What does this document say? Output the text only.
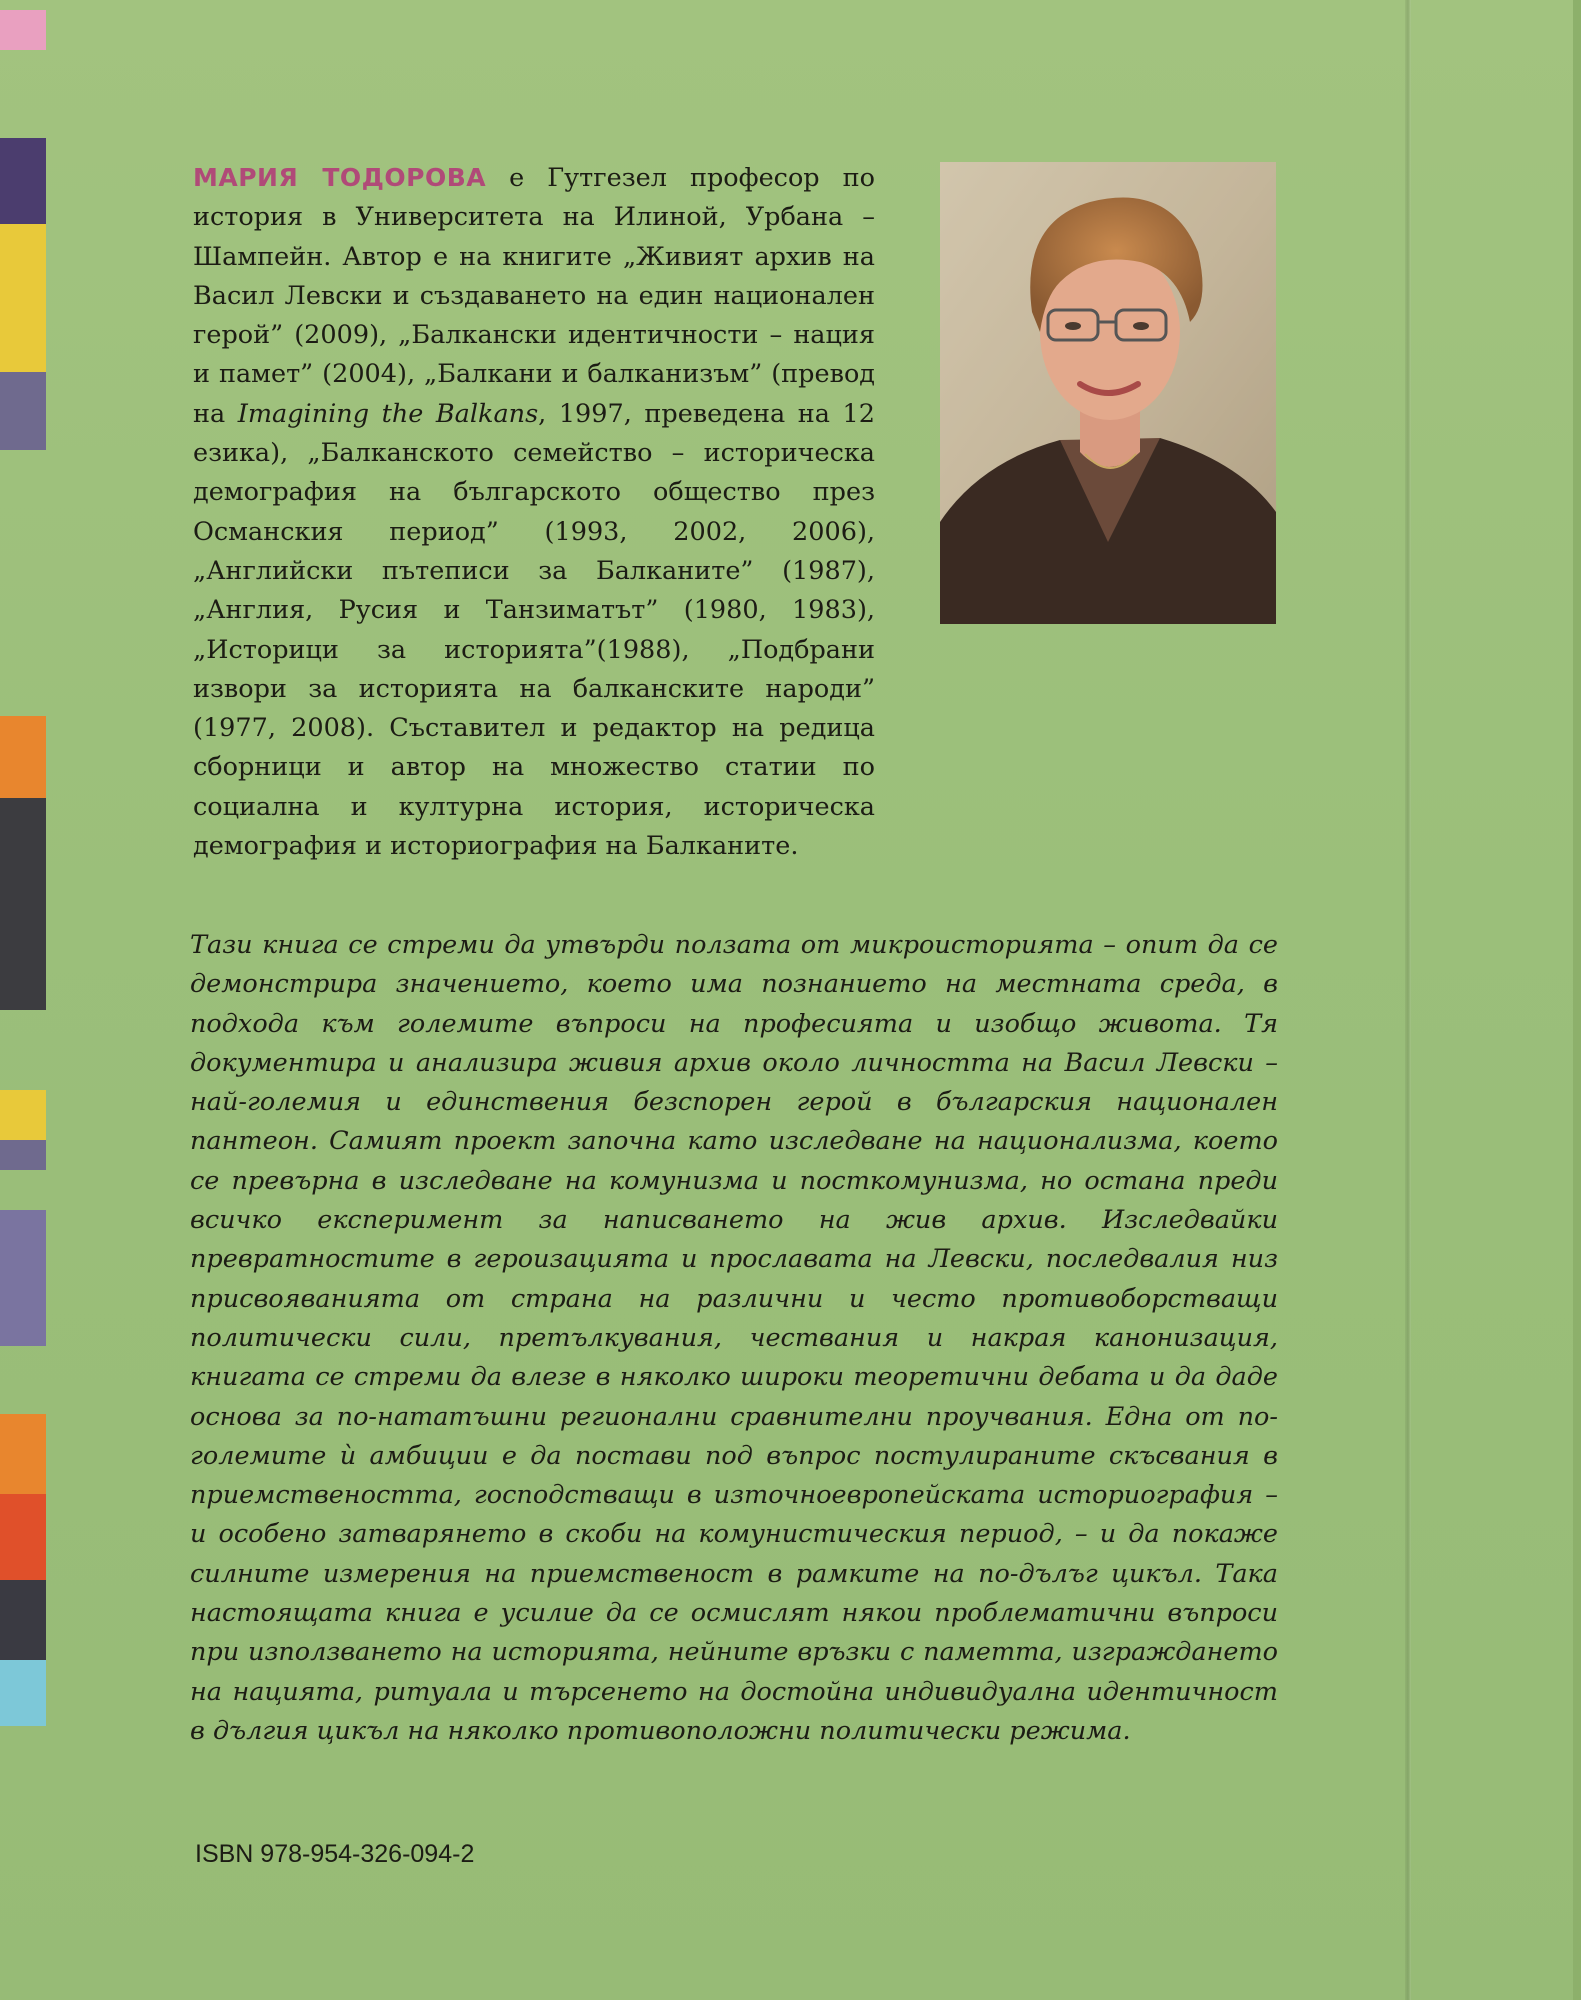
МАРИЯ ТОДОРОВА е Гутгезел професор по история в Университета на Илиной, Урбана – Шампейн. Автор е на книгите „Живият архив на Васил Левски и създаването на един национален герой” (2009), „Балкански идентичности – нация и памет” (2004), „Балкани и балканизъм” (превод на Imagining the Balkans, 1997, преведена на 12 езика), „Балканското семейство – историческа демография на българското общество през Османския период” (1993, 2002, 2006), „Английски пътеписи за Балканите” (1987), „Англия, Русия и Танзиматът” (1980, 1983), „Историци за историята”(1988), „Подбрани извори за историята на балканските народи” (1977, 2008). Съставител и редактор на редица сборници и автор на множество статии по социална и културна история, историческа демография и историография на Балканите.
Тази книга се стреми да утвърди ползата от микроисторията – опит да се демонстрира значението, което има познанието на местната среда, в подхода към големите въпроси на професията и изобщо живота. Тя документира и анализира живия архив около личността на Васил Левски – най-големия и единствения безспорен герой в българския национален пантеон. Самият проект започна като изследване на национализма, което се превърна в изследване на комунизма и посткомунизма, но остана преди всичко експеримент за написването на жив архив. Изследвайки превратностите в героизацията и прославата на Левски, последвалия низ присвояванията от страна на различни и често противоборстващи политически сили, претълкувания, чествания и накрая канонизация, книгата се стреми да влезе в няколко широки теоретични дебата и да даде основа за по-нататъшни регионални сравнителни проучвания. Една от по-големите ѝ амбиции е да постави под въпрос постулираните скъсвания в приемствеността, господстващи в източноевропейската историография – и особено затварянето в скоби на комунистическия период, – и да покаже силните измерения на приемственост в рамките на по-дълъг цикъл. Така настоящата книга е усилие да се осмислят някои проблематични въпроси при използването на историята, нейните връзки с паметта, изграждането на нацията, ритуала и търсенето на достойна индивидуална идентичност в дългия цикъл на няколко противоположни политически режима.
ISBN 978-954-326-094-2
